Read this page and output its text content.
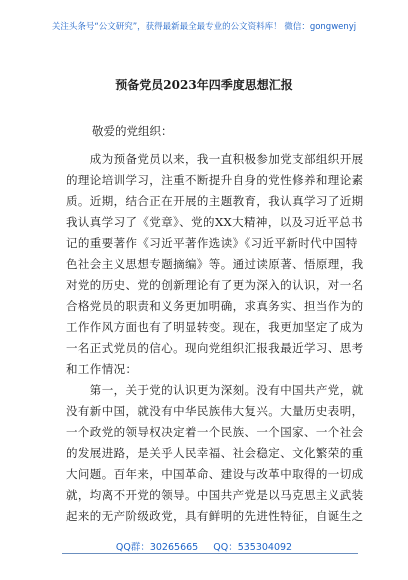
关注头条号“公文研究”，获得最新最全最专业的公文资料库！ 微信：gongwenyj
预备党员2023年四季度思想汇报
敬爱的党组织：
　　成为预备党员以来，我一直积极参加党支部组织开展
的理论培训学习，注重不断提升自身的党性修养和理论素
质。近期，结合正在开展的主题教育，我认真学习了近期
我认真学习了《党章》、党的XX大精神，以及习近平总书
记的重要著作《习近平著作选读》《习近平新时代中国特
色社会主义思想专题摘编》等。通过读原著、悟原理，我
对党的历史、党的创新理论有了更为深入的认识，对一名
合格党员的职责和义务更加明确，求真务实、担当作为的
工作作风方面也有了明显转变。现在，我更加坚定了成为
一名正式党员的信心。现向党组织汇报我最近学习、思考
和工作情况：
　　第一，关于党的认识更为深刻。没有中国共产党，就
没有新中国，就没有中华民族伟大复兴。大量历史表明，
一个政党的领导权决定着一个民族、一个国家、一个社会
的发展进路，是关乎人民幸福、社会稳定、文化繁荣的重
大问题。百年来，中国革命、建设与改革中取得的一切成
就，均离不开党的领导。中国共产党是以马克思主义武装
起来的无产阶级政党，具有鲜明的先进性特征，自诞生之
QQ群：30265665 QQ：535304092
